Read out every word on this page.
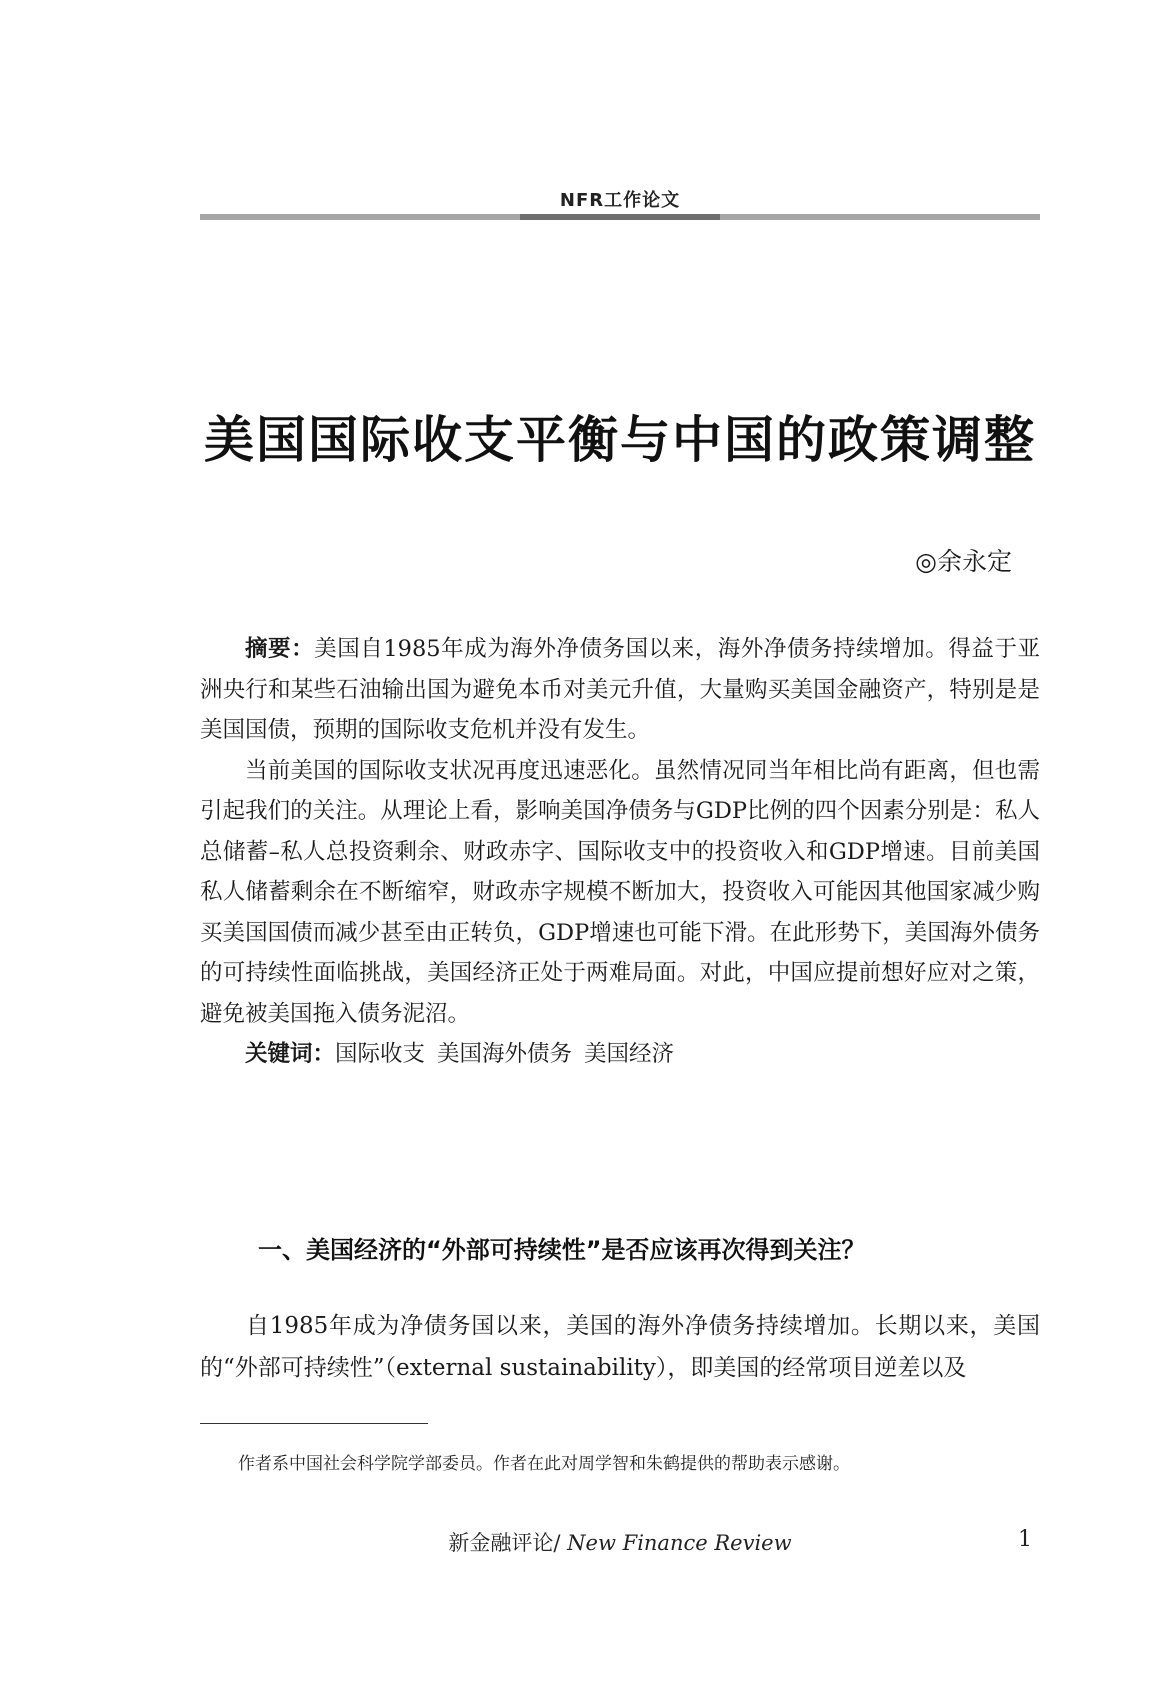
NFR工作论文
美国国际收支平衡与中国的政策调整
◎余永定

摘要：美国自1985年成为海外净债务国以来，海外净债务持续增加。得益于亚洲央行和某些石油输出国为避免本币对美元升值，大量购买美国金融资产，特别是是美国国债，预期的国际收支危机并没有发生。

当前美国的国际收支状况再度迅速恶化。虽然情况同当年相比尚有距离，但也需引起我们的关注。从理论上看，影响美国净债务与GDP比例的四个因素分别是：私人总储蓄–私人总投资剩余、财政赤字、国际收支中的投资收入和GDP增速。目前美国私人储蓄剩余在不断缩窄，财政赤字规模不断加大，投资收入可能因其他国家减少购买美国国债而减少甚至由正转负，GDP增速也可能下滑。在此形势下，美国海外债务的可持续性面临挑战，美国经济正处于两难局面。对此，中国应提前想好应对之策，避免被美国拖入债务泥沼。

关键词：国际收支 美国海外债务 美国经济

一、美国经济的“外部可持续性”是否应该再次得到关注？

自1985年成为净债务国以来，美国的海外净债务持续增加。长期以来，美国的“外部可持续性”（external sustainability），即美国的经常项目逆差以及

作者系中国社会科学院学部委员。作者在此对周学智和朱鹤提供的帮助表示感谢。
新金融评论/ New Finance Review	1
